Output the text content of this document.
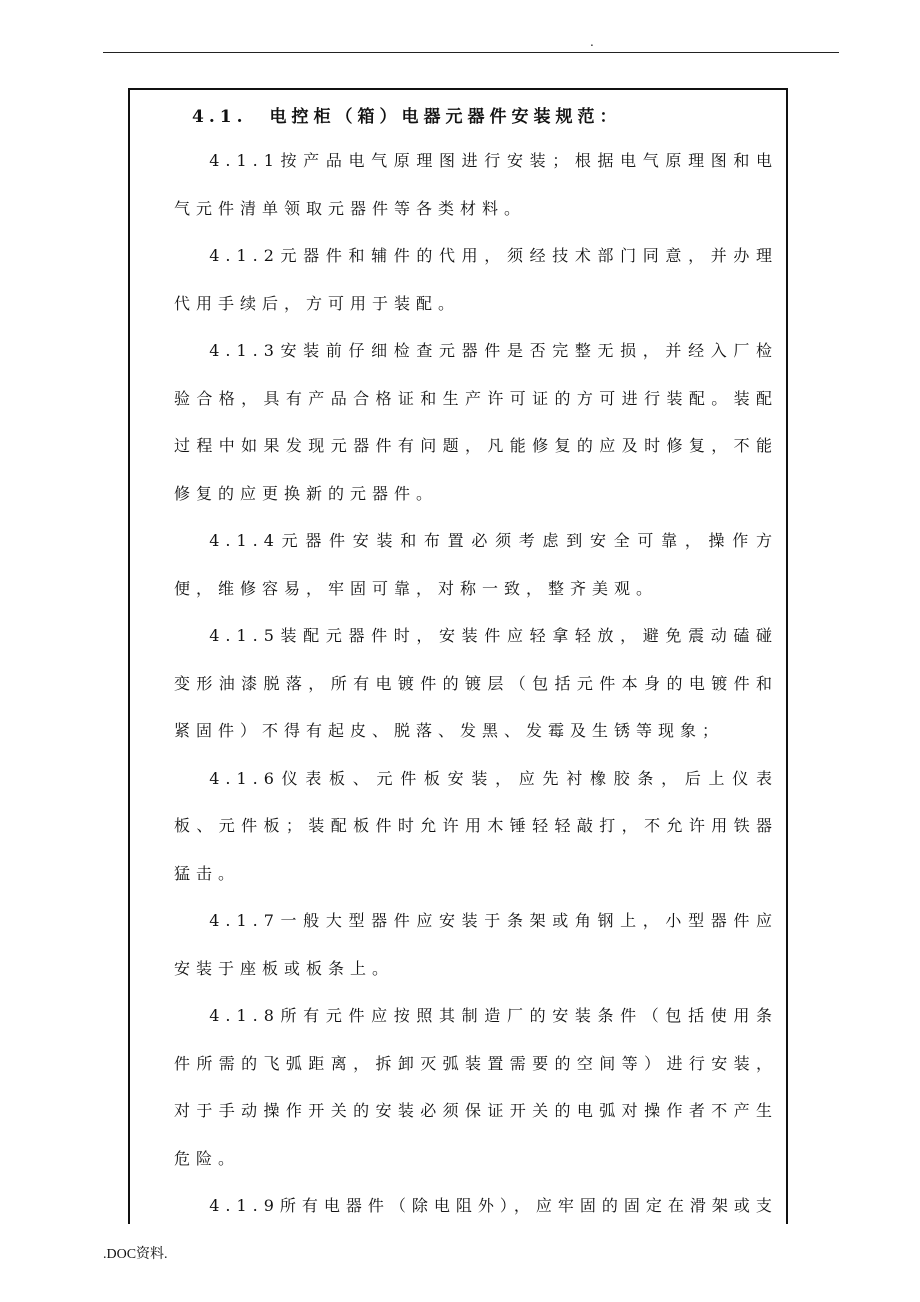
.
4.1. 电控柜（箱）电器元器件安装规范：

4.1.1按产品电气原理图进行安装；根据电气原理图和电气元件清单领取元器件等各类材料。

4.1.2元器件和辅件的代用，须经技术部门同意，并办理代用手续后，方可用于装配。

4.1.3安装前仔细检查元器件是否完整无损，并经入厂检验合格，具有产品合格证和生产许可证的方可进行装配。装配过程中如果发现元器件有问题，凡能修复的应及时修复，不能修复的应更换新的元器件。

4.1.4元器件安装和布置必须考虑到安全可靠，操作方便，维修容易，牢固可靠，对称一致，整齐美观。

4.1.5装配元器件时，安装件应轻拿轻放，避免震动磕碰变形油漆脱落，所有电镀件的镀层（包括元件本身的电镀件和紧固件）不得有起皮、脱落、发黑、发霉及生锈等现象；

4.1.6仪表板、元件板安装，应先衬橡胶条，后上仪表板、元件板；装配板件时允许用木锤轻轻敲打，不允许用铁器猛击。

4.1.7一般大型器件应安装于条架或角钢上，小型器件应安装于座板或板条上。

4.1.8所有元件应按照其制造厂的安装条件（包括使用条件所需的飞弧距离，拆卸灭弧装置需要的空间等）进行安装，对于手动操作开关的安装必须保证开关的电弧对操作者不产生危险。

4.1.9所有电器件（除电阻外），应牢固的固定在滑架或支

.DOC资料.
